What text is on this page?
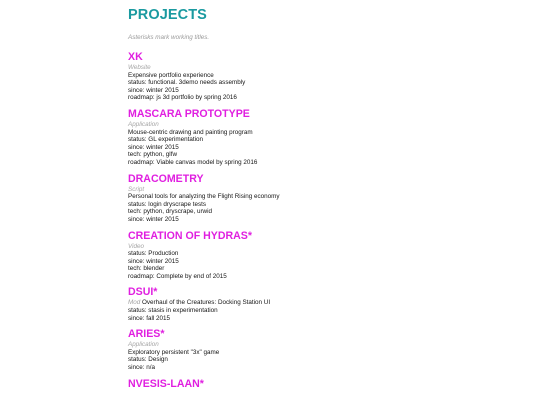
PROJECTS
Asterisks mark working titles.
XK
Website
Expensive portfolio experience
status: functional. 3demo needs assembly
since: winter 2015
roadmap: js 3d portfolio by spring 2016
MASCARA PROTOTYPE
Application
Mouse-centric drawing and painting program
status: GL experimentation
since: winter 2015
tech: python, glfw
roadmap: Viable canvas model by spring 2016
DRACOMETRY
Script
Personal tools for analyzing the Flight Rising economy
status: login dryscrape tests
tech: python, dryscrape, urwid
since: winter 2015
CREATION OF HYDRAS*
Video
status: Production
since: winter 2015
tech: blender
roadmap: Complete by end of 2015
DSUI*
Mod Overhaul of the Creatures: Docking Station UI
status: stasis in experimentation
since: fall 2015
ARIES*
Application
Exploratory persistent "3x" game
status: Design
since: n/a
NVESIS-LAAN*
